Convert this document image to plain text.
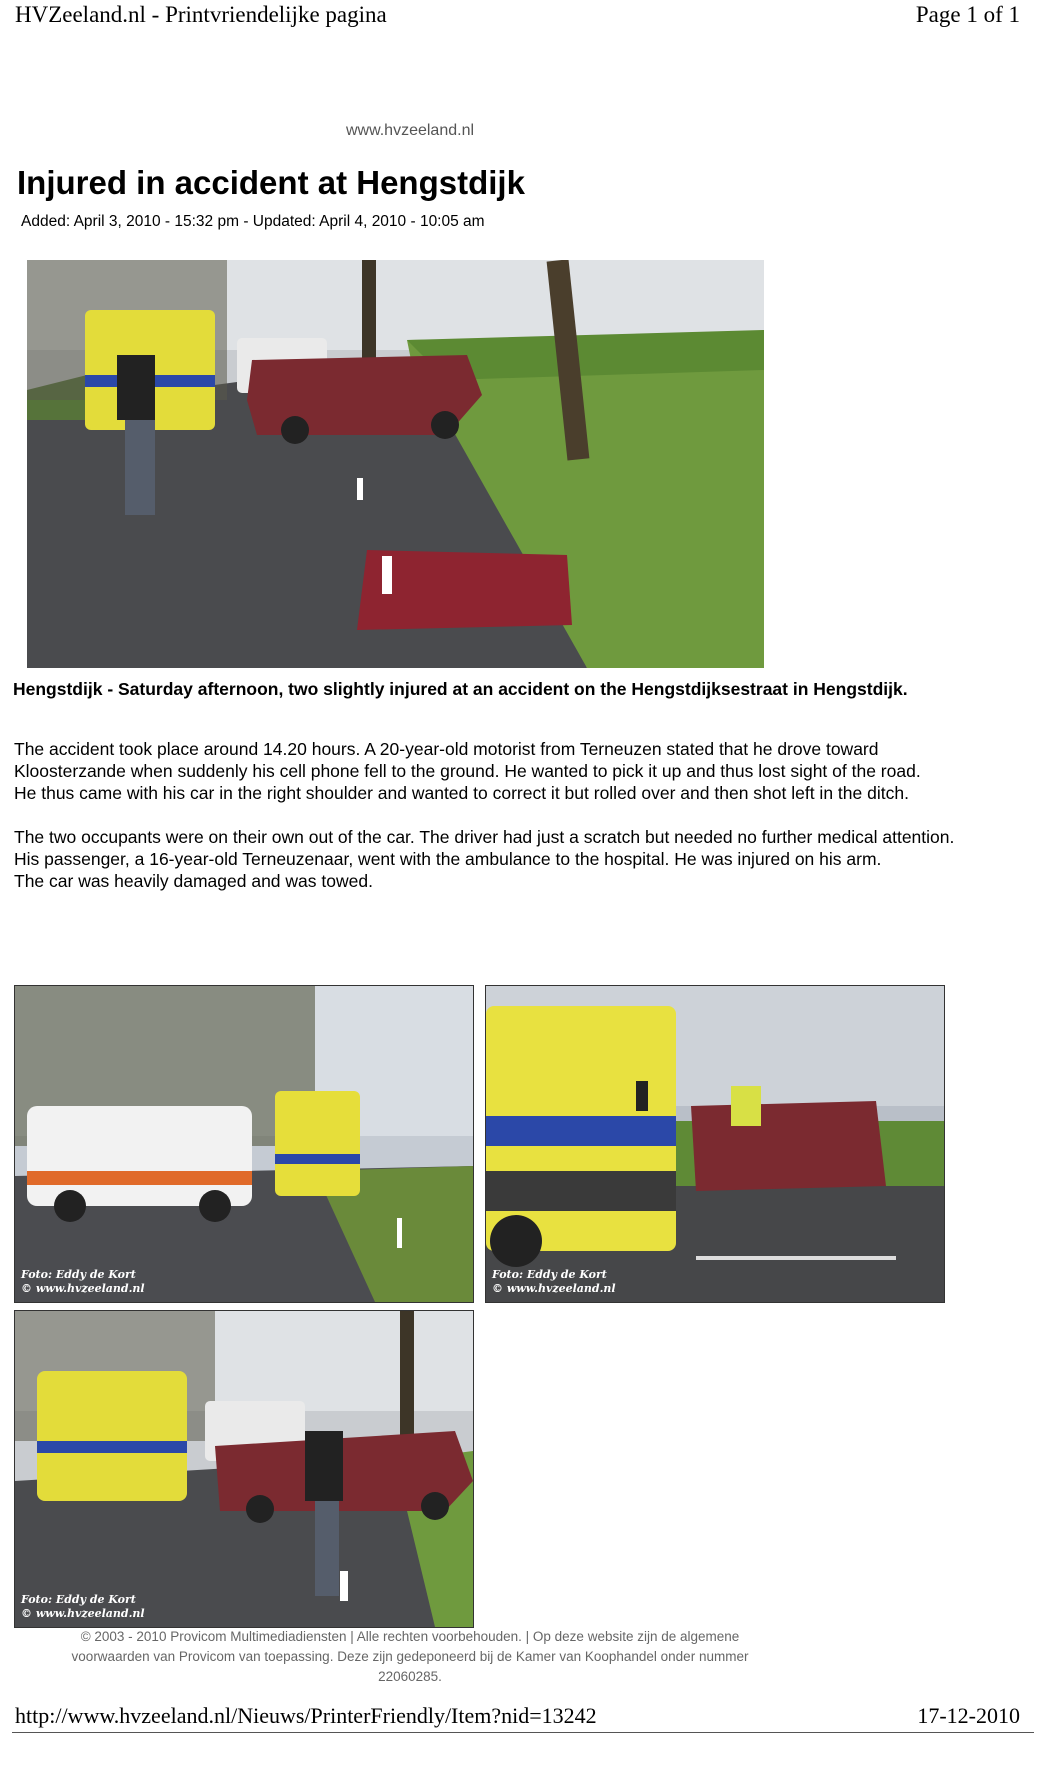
HVZeeland.nl - Printvriendelijke pagina	Page 1 of 1
www.hvzeeland.nl
Injured in accident at Hengstdijk
Added: April 3, 2010 - 15:32 pm - Updated: April 4, 2010 - 10:05 am
Hengstdijk - Saturday afternoon, two slightly injured at an accident on the Hengstdijksestraat in Hengstdijk.

The accident took place around 14.20 hours. A 20-year-old motorist from Terneuzen stated that he drove toward Kloosterzande when suddenly his cell phone fell to the ground. He wanted to pick it up and thus lost sight of the road.

He thus came with his car in the right shoulder and wanted to correct it but rolled over and then shot left in the ditch.

The two occupants were on their own out of the car. The driver had just a scratch but needed no further medical attention.

His passenger, a 16-year-old Terneuzenaar, went with the ambulance to the hospital. He was injured on his arm.

The car was heavily damaged and was towed.

Foto: Eddy de Kort
© www.hvzeeland.nl
Foto: Eddy de Kort
© www.hvzeeland.nl
Foto: Eddy de Kort
© www.hvzeeland.nl
© 2003 - 2010 Provicom Multimediadiensten | Alle rechten voorbehouden. | Op deze website zijn de algemene
voorwaarden van Provicom van toepassing. Deze zijn gedeponeerd bij de Kamer van Koophandel onder nummer
22060285.
http://www.hvzeeland.nl/Nieuws/PrinterFriendly/Item?nid=13242	17-12-2010
